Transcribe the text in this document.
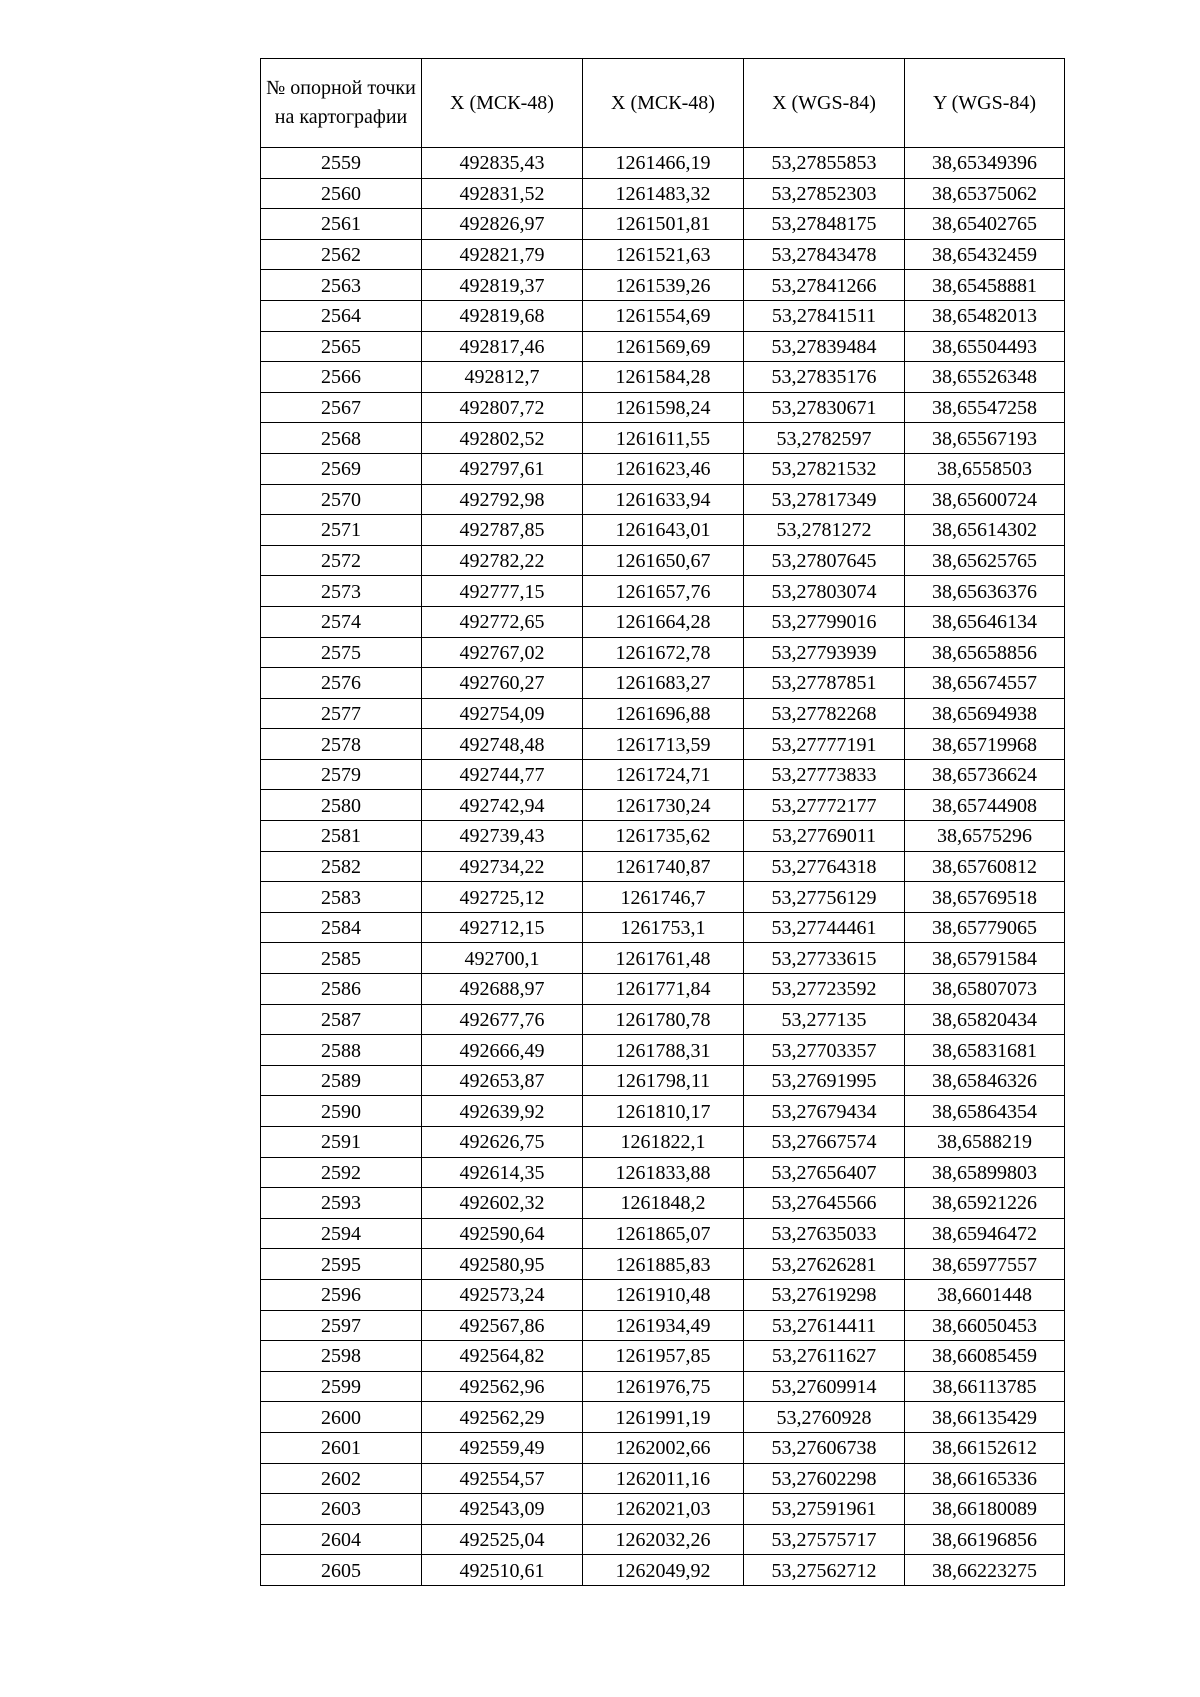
№ опорной точки на картографии	X (МСК-48)	X (МСК-48)	X (WGS-84)	Y (WGS-84)
2559	492835,43	1261466,19	53,27855853	38,65349396
2560	492831,52	1261483,32	53,27852303	38,65375062
2561	492826,97	1261501,81	53,27848175	38,65402765
2562	492821,79	1261521,63	53,27843478	38,65432459
2563	492819,37	1261539,26	53,27841266	38,65458881
2564	492819,68	1261554,69	53,27841511	38,65482013
2565	492817,46	1261569,69	53,27839484	38,65504493
2566	492812,7	1261584,28	53,27835176	38,65526348
2567	492807,72	1261598,24	53,27830671	38,65547258
2568	492802,52	1261611,55	53,2782597	38,65567193
2569	492797,61	1261623,46	53,27821532	38,6558503
2570	492792,98	1261633,94	53,27817349	38,65600724
2571	492787,85	1261643,01	53,2781272	38,65614302
2572	492782,22	1261650,67	53,27807645	38,65625765
2573	492777,15	1261657,76	53,27803074	38,65636376
2574	492772,65	1261664,28	53,27799016	38,65646134
2575	492767,02	1261672,78	53,27793939	38,65658856
2576	492760,27	1261683,27	53,27787851	38,65674557
2577	492754,09	1261696,88	53,27782268	38,65694938
2578	492748,48	1261713,59	53,27777191	38,65719968
2579	492744,77	1261724,71	53,27773833	38,65736624
2580	492742,94	1261730,24	53,27772177	38,65744908
2581	492739,43	1261735,62	53,27769011	38,6575296
2582	492734,22	1261740,87	53,27764318	38,65760812
2583	492725,12	1261746,7	53,27756129	38,65769518
2584	492712,15	1261753,1	53,27744461	38,65779065
2585	492700,1	1261761,48	53,27733615	38,65791584
2586	492688,97	1261771,84	53,27723592	38,65807073
2587	492677,76	1261780,78	53,277135	38,65820434
2588	492666,49	1261788,31	53,27703357	38,65831681
2589	492653,87	1261798,11	53,27691995	38,65846326
2590	492639,92	1261810,17	53,27679434	38,65864354
2591	492626,75	1261822,1	53,27667574	38,6588219
2592	492614,35	1261833,88	53,27656407	38,65899803
2593	492602,32	1261848,2	53,27645566	38,65921226
2594	492590,64	1261865,07	53,27635033	38,65946472
2595	492580,95	1261885,83	53,27626281	38,65977557
2596	492573,24	1261910,48	53,27619298	38,6601448
2597	492567,86	1261934,49	53,27614411	38,66050453
2598	492564,82	1261957,85	53,27611627	38,66085459
2599	492562,96	1261976,75	53,27609914	38,66113785
2600	492562,29	1261991,19	53,2760928	38,66135429
2601	492559,49	1262002,66	53,27606738	38,66152612
2602	492554,57	1262011,16	53,27602298	38,66165336
2603	492543,09	1262021,03	53,27591961	38,66180089
2604	492525,04	1262032,26	53,27575717	38,66196856
2605	492510,61	1262049,92	53,27562712	38,66223275
